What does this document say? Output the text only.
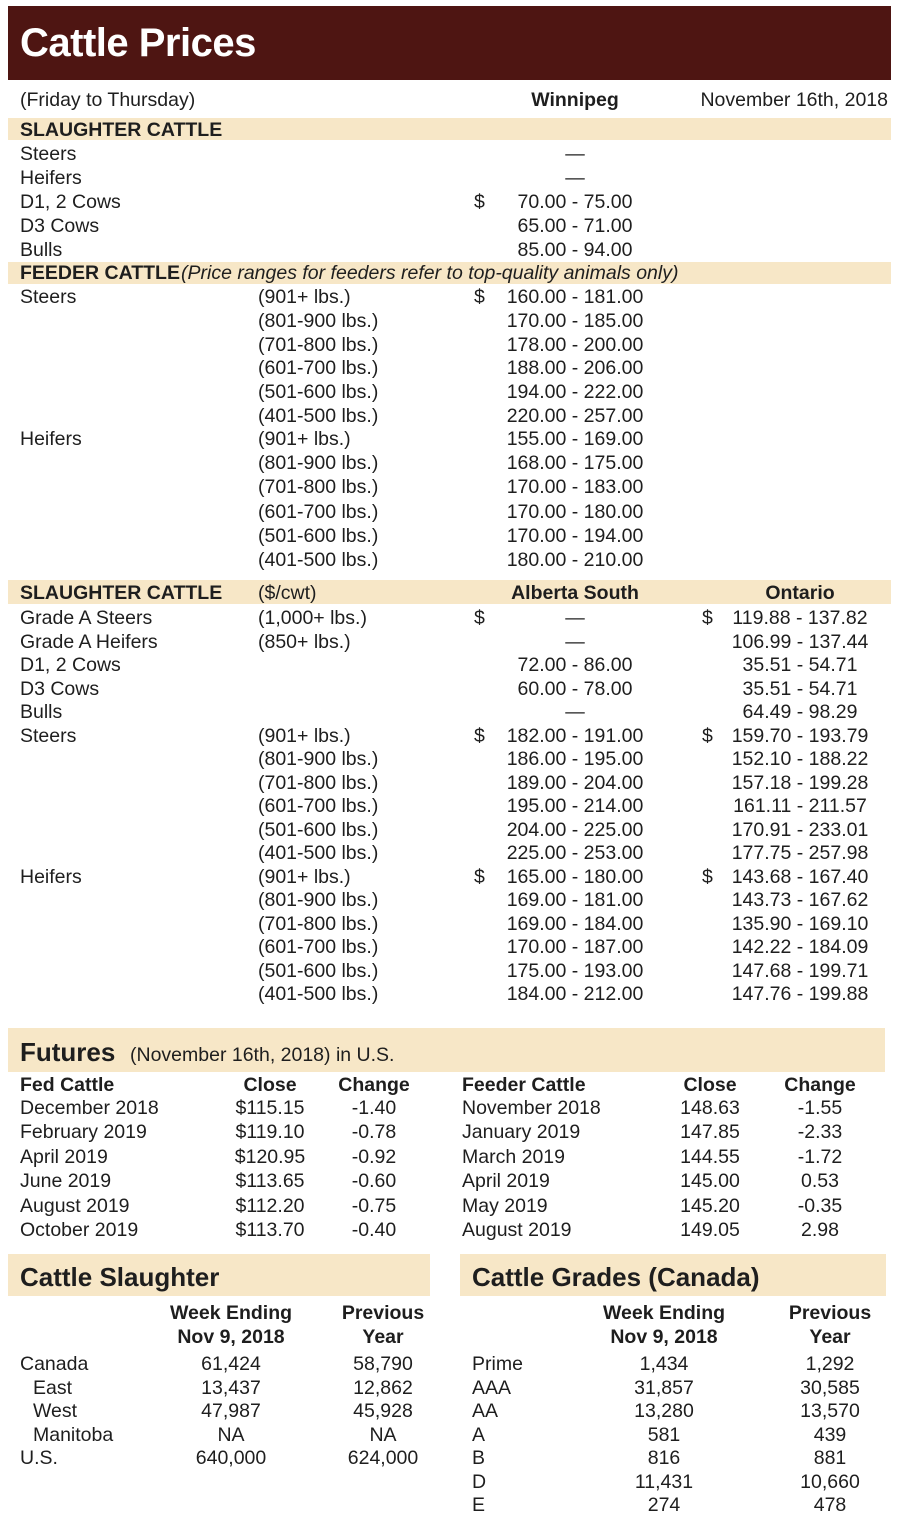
Cattle Prices
(Friday to Thursday)	Winnipeg	November 16th, 2018
SLAUGHTER CATTLE
Steers	—
Heifers	—
D1, 2 Cows	$	70.00 - 75.00
D3 Cows	65.00 - 71.00
Bulls	85.00 - 94.00
FEEDER CATTLE (Price ranges for feeders refer to top-quality animals only)
Steers	(901+ lbs.)	$	160.00 - 181.00
(801-900 lbs.)	170.00 - 185.00
(701-800 lbs.)	178.00 - 200.00
(601-700 lbs.)	188.00 - 206.00
(501-600 lbs.)	194.00 - 222.00
(401-500 lbs.)	220.00 - 257.00
Heifers	(901+ lbs.)	155.00 - 169.00
(801-900 lbs.)	168.00 - 175.00
(701-800 lbs.)	170.00 - 183.00
(601-700 lbs.)	170.00 - 180.00
(501-600 lbs.)	170.00 - 194.00
(401-500 lbs.)	180.00 - 210.00
SLAUGHTER CATTLE ($/cwt)	Alberta South	Ontario
Grade A Steers	(1,000+ lbs.)	$	—	$	119.88 - 137.82
Grade A Heifers	(850+ lbs.)	—	106.99 - 137.44
D1, 2 Cows	72.00 - 86.00	35.51 - 54.71
D3 Cows	60.00 - 78.00	35.51 - 54.71
Bulls	—	64.49 - 98.29
Steers	(901+ lbs.)	$	182.00 - 191.00	$ 159.70 - 193.79
(801-900 lbs.)	186.00 - 195.00	152.10 - 188.22
(701-800 lbs.)	189.00 - 204.00	157.18 - 199.28
(601-700 lbs.)	195.00 - 214.00	161.11 - 211.57
(501-600 lbs.)	204.00 - 225.00	170.91 - 233.01
(401-500 lbs.)	225.00 - 253.00	177.75 - 257.98
Heifers	(901+ lbs.)	$	165.00 - 180.00	$ 143.68 - 167.40
(801-900 lbs.)	169.00 - 181.00	143.73 - 167.62
(701-800 lbs.)	169.00 - 184.00	135.90 - 169.10
(601-700 lbs.)	170.00 - 187.00	142.22 - 184.09
(501-600 lbs.)	175.00 - 193.00	147.68 - 199.71
(401-500 lbs.)	184.00 - 212.00	147.76 - 199.88
Futures (November 16th, 2018) in U.S.
Fed Cattle	Close	Change	Feeder Cattle	Close	Change
December 2018	$115.15	-1.40
February 2019	$119.10	-0.78
April 2019	$120.95	-0.92
June 2019	$113.65	-0.60
August 2019	$112.20	-0.75
October 2019	$113.70	-0.40
November 2018	148.63	-1.55
January 2019	147.85	-2.33
March 2019	144.55	-1.72
April 2019	145.00	0.53
May 2019	145.20	-0.35
August 2019	149.05	2.98
Cattle Slaughter
Week Ending
Nov 9, 2018
Previous
Year
Canada	61,424	58,790
East	13,437	12,862
West	47,987	45,928
Manitoba	NA	NA
U.S.	640,000	624,000
Cattle Grades (Canada)
Week Ending
Nov 9, 2018
Previous
Year
Prime	1,434	1,292
AAA	31,857	30,585
AA	13,280	13,570
A	581	439
B	816	881
D	11,431	10,660
E	274	478
